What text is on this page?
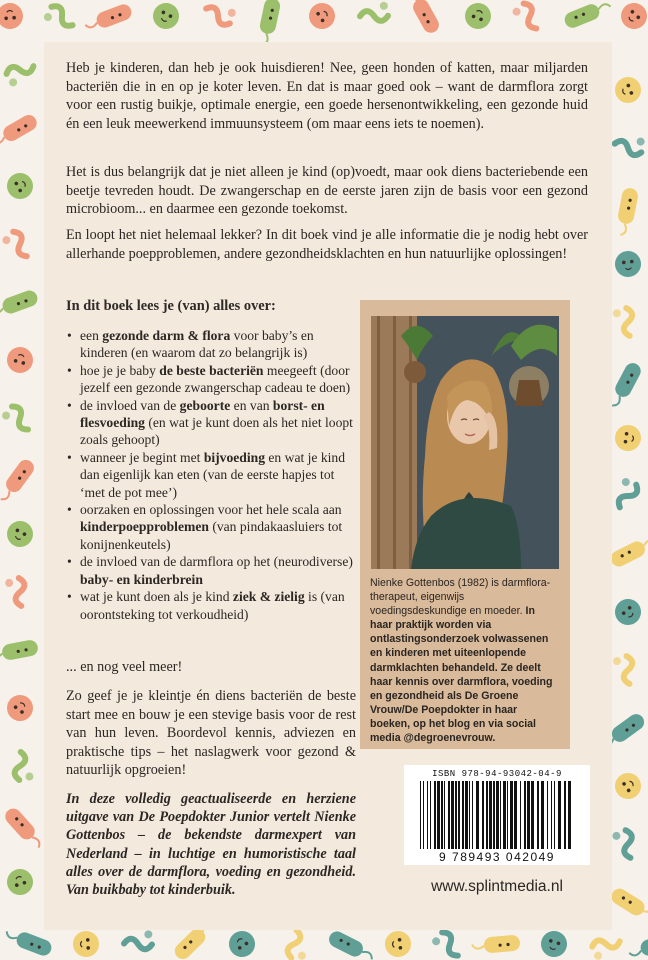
Heb je kinderen, dan heb je ook huisdieren! Nee, geen honden of katten, maar miljarden bacteriën die in en op je koter leven. En dat is maar goed ook – want de darmflora zorgt voor een rustig buikje, optimale energie, een goede hersenontwikkeling, een gezonde huid én een leuk meewerkend immuunsysteem (om maar eens iets te noemen).

Het is dus belangrijk dat je niet alleen je kind (op)voedt, maar ook diens bacteriebende een beetje tevreden houdt. De zwangerschap en de eerste jaren zijn de basis voor een gezond microbioom... en daarmee een gezonde toekomst.

En loopt het niet helemaal lekker? In dit boek vind je alle informatie die je nodig hebt over allerhande poepproblemen, andere gezondheidsklachten en hun natuurlijke oplossingen!

In dit boek lees je (van) alles over:

• een gezonde darm & flora voor baby’s en kinderen (en waarom dat zo belangrijk is)
• hoe je je baby de beste bacteriën meegeeft (door jezelf een gezonde zwangerschap cadeau te doen)
• de invloed van de geboorte en van borst- en flesvoeding (en wat je kunt doen als het niet loopt zoals gehoopt)
• wanneer je begint met bijvoeding en wat je kind dan eigenlijk kan eten (van de eerste hapjes tot ‘met de pot mee’)
• oorzaken en oplossingen voor het hele scala aan kinderpoepproblemen (van pindakaasluiers tot konijnenkeutels)
• de invloed van de darmflora op het (neurodiverse) baby- en kinderbrein
• wat je kunt doen als je kind ziek & zielig is (van oorontsteking tot verkoudheid)

... en nog veel meer!

Zo geef je je kleintje én diens bacteriën de beste start mee en bouw je een stevige basis voor de rest van hun leven. Boordevol kennis, adviezen en praktische tips – het naslagwerk voor gezond & natuurlijk opgroeien!

In deze volledig geactualiseerde en herziene uitgave van De Poepdokter Junior vertelt Nienke Gottenbos – de bekendste darmexpert van Nederland – in luchtige en humoristische taal alles over de darmflora, voeding en gezondheid. Van buikbaby tot kinderbuik.

Nienke Gottenbos (1982) is darmfloratherapeut, eigenwijs voedingsdeskundige en moeder. In haar praktijk worden via ontlastingsonderzoek volwassenen en kinderen met uiteenlopende darmklachten behandeld. Ze deelt haar kennis over darmflora, voeding en gezondheid als De Groene Vrouw/De Poepdokter in haar boeken, op het blog en via social media @degroenevrouw.

ISBN 978-94-93042-04-9
9 789493 042049
www.splintmedia.nl
